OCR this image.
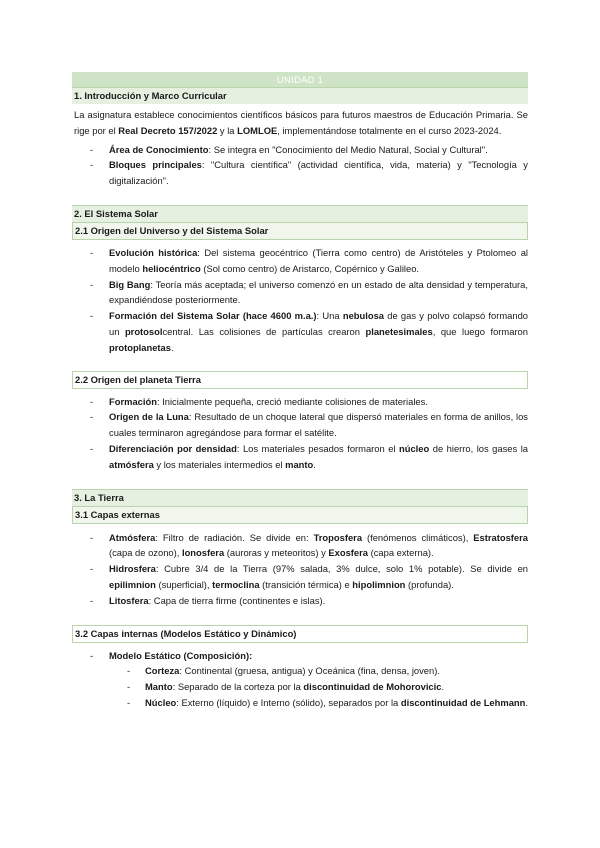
UNIDAD 1
1. Introducción y Marco Curricular

La asignatura establece conocimientos científicos básicos para futuros maestros de Educación Primaria. Se rige por el Real Decreto 157/2022 y la LOMLOE, implementándose totalmente en el curso 2023-2024.

- Área de Conocimiento: Se integra en "Conocimiento del Medio Natural, Social y Cultural".
- Bloques principales: "Cultura científica" (actividad científica, vida, materia) y "Tecnología y digitalización".
2. El Sistema Solar
2.1 Origen del Universo y del Sistema Solar
- Evolución histórica: Del sistema geocéntrico (Tierra como centro) de Aristóteles y Ptolomeo al modelo heliocéntrico (Sol como centro) de Aristarco, Copérnico y Galileo.
- Big Bang: Teoría más aceptada; el universo comenzó en un estado de alta densidad y temperatura, expandiéndose posteriormente.
- Formación del Sistema Solar (hace 4600 m.a.): Una nebulosa de gas y polvo colapsó formando un protosolcentral. Las colisiones de partículas crearon planetesimales, que luego formaron protoplanetas.
2.2 Origen del planeta Tierra
- Formación: Inicialmente pequeña, creció mediante colisiones de materiales.
- Origen de la Luna: Resultado de un choque lateral que dispersó materiales en forma de anillos, los cuales terminaron agregándose para formar el satélite.
- Diferenciación por densidad: Los materiales pesados formaron el núcleo de hierro, los gases la atmósfera y los materiales intermedios el manto.
3. La Tierra
3.1 Capas externas
- Atmósfera: Filtro de radiación. Se divide en: Troposfera (fenómenos climáticos), Estratosfera (capa de ozono), Ionosfera (auroras y meteoritos) y Exosfera (capa externa).
- Hidrosfera: Cubre 3/4 de la Tierra (97% salada, 3% dulce, solo 1% potable). Se divide en epilimnion (superficial), termoclina (transición térmica) e hipolimnion (profunda).
- Litosfera: Capa de tierra firme (continentes e islas).
3.2 Capas internas (Modelos Estático y Dinámico)
- Modelo Estático (Composición):
- Corteza: Continental (gruesa, antigua) y Oceánica (fina, densa, joven).
- Manto: Separado de la corteza por la discontinuidad de Mohorovicic.
- Núcleo: Externo (líquido) e Interno (sólido), separados por la discontinuidad de Lehmann.
